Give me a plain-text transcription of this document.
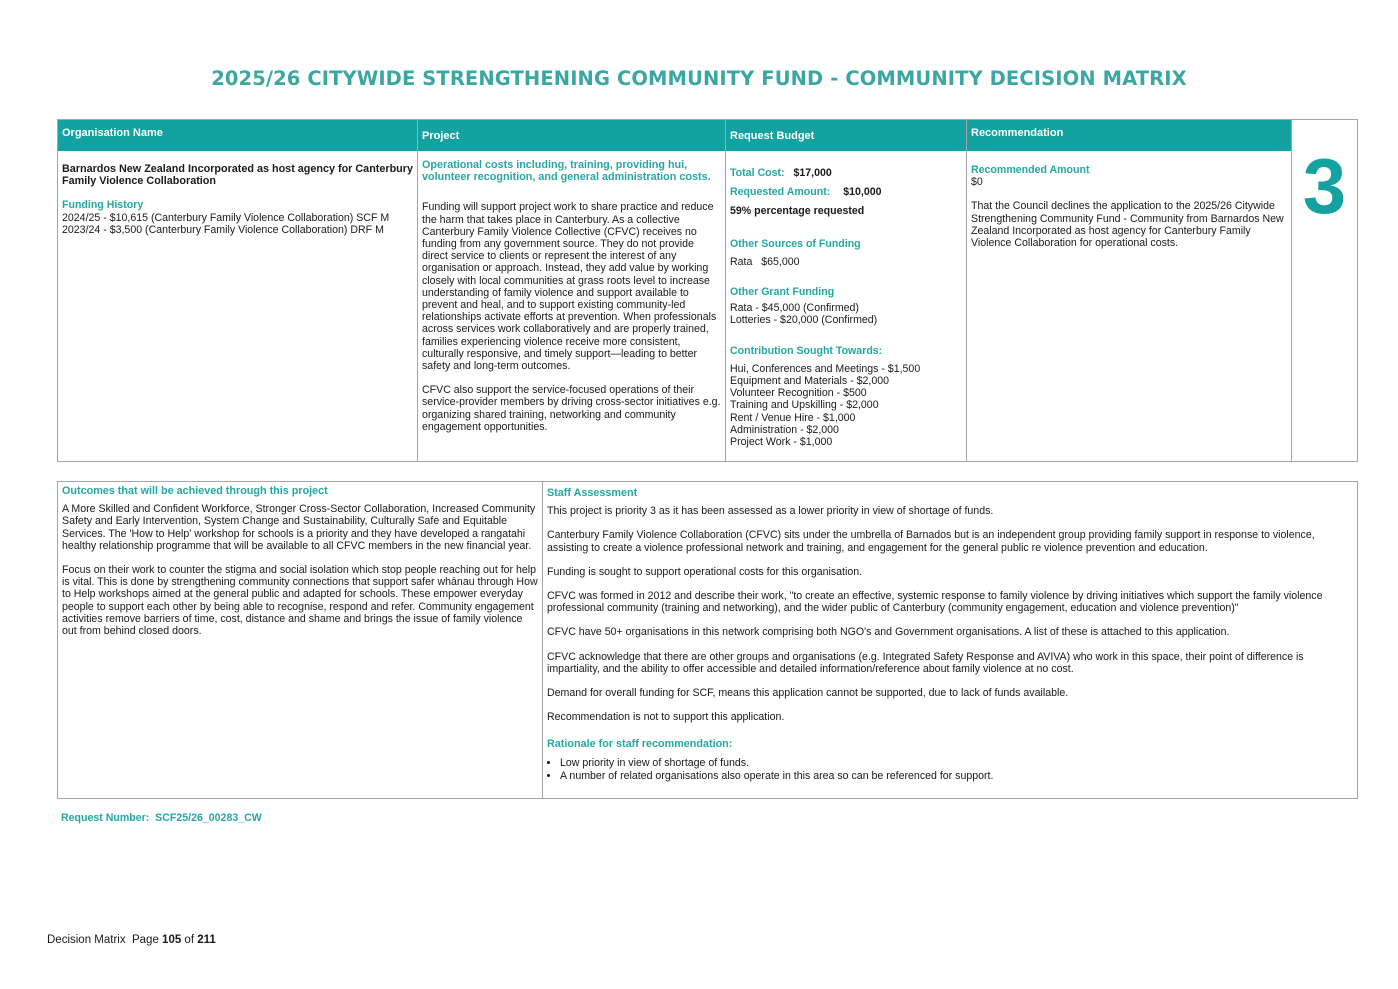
2025/26 CITYWIDE STRENGTHENING COMMUNITY FUND - COMMUNITY DECISION MATRIX
Organisation Name

Barnardos New Zealand Incorporated as host agency for Canterbury Family Violence Collaboration

Funding History
2024/25 - $10,615 (Canterbury Family Violence Collaboration) SCF M
2023/24 - $3,500 (Canterbury Family Violence Collaboration) DRF M
Project

Operational costs including, training, providing hui, volunteer recognition, and general administration costs.

Funding will support project work to share practice and reduce the harm that takes place in Canterbury. As a collective Canterbury Family Violence Collective (CFVC) receives no funding from any government source. They do not provide direct service to clients or represent the interest of any organisation or approach. Instead, they add value by working closely with local communities at grass roots level to increase understanding of family violence and support available to prevent and heal, and to support existing community-led relationships activate efforts at prevention. When professionals across services work collaboratively and are properly trained, families experiencing violence receive more consistent, culturally responsive, and timely support—leading to better safety and long-term outcomes.

CFVC also support the service-focused operations of their service-provider members by driving cross-sector initiatives e.g. organizing shared training, networking and community engagement opportunities.

Request Budget
Total Cost: $17,000
Requested Amount: $10,000
59% percentage requested
Other Sources of Funding
Rata   $65,000
Other Grant Funding
Rata - $45,000 (Confirmed)
Lotteries - $20,000 (Confirmed)
Contribution Sought Towards:
Hui, Conferences and Meetings - $1,500
Equipment and Materials - $2,000
Volunteer Recognition - $500
Training and Upskilling - $2,000
Rent / Venue Hire - $1,000
Administration - $2,000
Project Work - $1,000
Recommendation
Recommended Amount
$0

That the Council declines the application to the 2025/26 Citywide Strengthening Community Fund - Community from Barnardos New Zealand Incorporated as host agency for Canterbury Family Violence Collaboration for operational costs.

3
Outcomes that will be achieved through this project

A More Skilled and Confident Workforce, Stronger Cross-Sector Collaboration, Increased Community Safety and Early Intervention, System Change and Sustainability, Culturally Safe and Equitable Services. The 'How to Help' workshop for schools is a priority and they have developed a rangatahi healthy relationship programme that will be available to all CFVC members in the new financial year.

Focus on their work to counter the stigma and social isolation which stop people reaching out for help is vital. This is done by strengthening community connections that support safer whānau through How to Help workshops aimed at the general public and adapted for schools. These empower everyday people to support each other by being able to recognise, respond and refer. Community engagement activities remove barriers of time, cost, distance and shame and brings the issue of family violence out from behind closed doors.

Staff Assessment

This project is priority 3 as it has been assessed as a lower priority in view of shortage of funds.

Canterbury Family Violence Collaboration (CFVC) sits under the umbrella of Barnados but is an independent group providing family support in response to violence, assisting to create a violence professional network and training, and engagement for the general public re violence prevention and education.

Funding is sought to support operational costs for this organisation.

CFVC was formed in 2012 and describe their work, "to create an effective, systemic response to family violence by driving initiatives which support the family violence professional community (training and networking), and the wider public of Canterbury (community engagement, education and violence prevention)"

CFVC have 50+ organisations in this network comprising both NGO's and Government organisations. A list of these is attached to this application.

CFVC acknowledge that there are other groups and organisations (e.g. Integrated Safety Response and AVIVA) who work in this space, their point of difference is impartiality, and the ability to offer accessible and detailed information/reference about family violence at no cost.

Demand for overall funding for SCF, means this application cannot be supported, due to lack of funds available.

Recommendation is not to support this application.

Rationale for staff recommendation:
• Low priority in view of shortage of funds.
• A number of related organisations also operate in this area so can be referenced for support.
Request Number:  SCF25/26_00283_CW
Decision Matrix  Page 105 of 211
